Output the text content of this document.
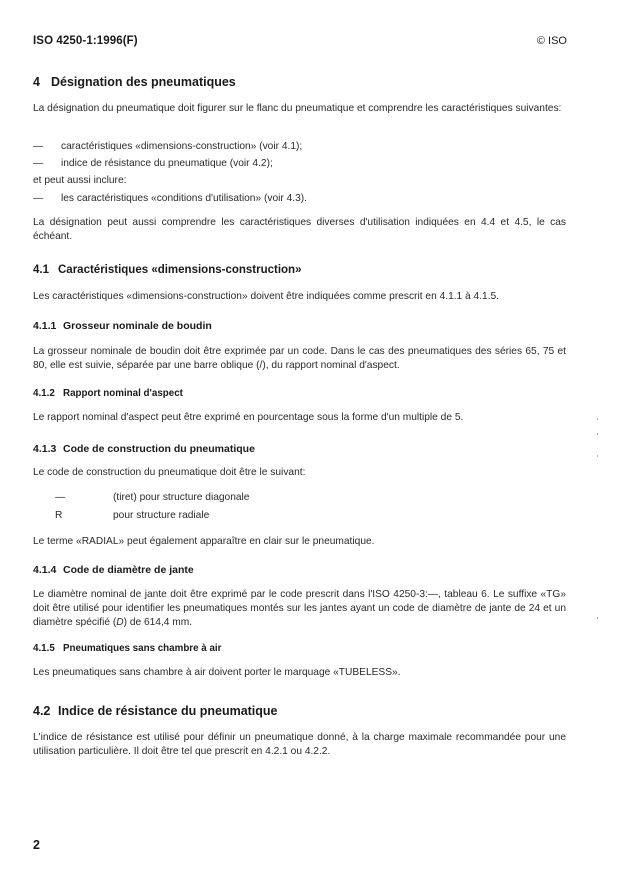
ISO 4250-1:1996(F)	© ISO
4 Désignation des pneumatiques
La désignation du pneumatique doit figurer sur le flanc du pneumatique et comprendre les caractéristiques suivantes:
— caractéristiques «dimensions-construction» (voir 4.1);
— indice de résistance du pneumatique (voir 4.2);
et peut aussi inclure:
— les caractéristiques «conditions d'utilisation» (voir 4.3).
La désignation peut aussi comprendre les caractéristiques diverses d'utilisation indiquées en 4.4 et 4.5, le cas échéant.
4.1 Caractéristiques «dimensions-construction»
Les caractéristiques «dimensions-construction» doivent être indiquées comme prescrit en 4.1.1 à 4.1.5.
4.1.1 Grosseur nominale de boudin
La grosseur nominale de boudin doit être exprimée par un code. Dans le cas des pneumatiques des séries 65, 75 et 80, elle est suivie, séparée par une barre oblique (/), du rapport nominal d'aspect.
4.1.2 Rapport nominal d'aspect
Le rapport nominal d'aspect peut être exprimé en pourcentage sous la forme d'un multiple de 5.
4.1.3 Code de construction du pneumatique
Le code de construction du pneumatique doit être le suivant:
—	(tiret) pour structure diagonale
R	pour structure radiale
Le terme «RADIAL» peut également apparaître en clair sur le pneumatique.
4.1.4 Code de diamètre de jante
Le diamètre nominal de jante doit être exprimé par le code prescrit dans l'ISO 4250-3:—, tableau 6. Le suffixe «TG» doit être utilisé pour identifier les pneumatiques montés sur les jantes ayant un code de diamètre de jante de 24 et un diamètre spécifié (D) de 614,4 mm.
4.1.5 Pneumatiques sans chambre à air
Les pneumatiques sans chambre à air doivent porter le marquage «TUBELESS».
4.2 Indice de résistance du pneumatique
L'indice de résistance est utilisé pour définir un pneumatique donné, à la charge maximale recommandée pour une utilisation particulière. Il doit être tel que prescrit en 4.2.1 ou 4.2.2.
2
